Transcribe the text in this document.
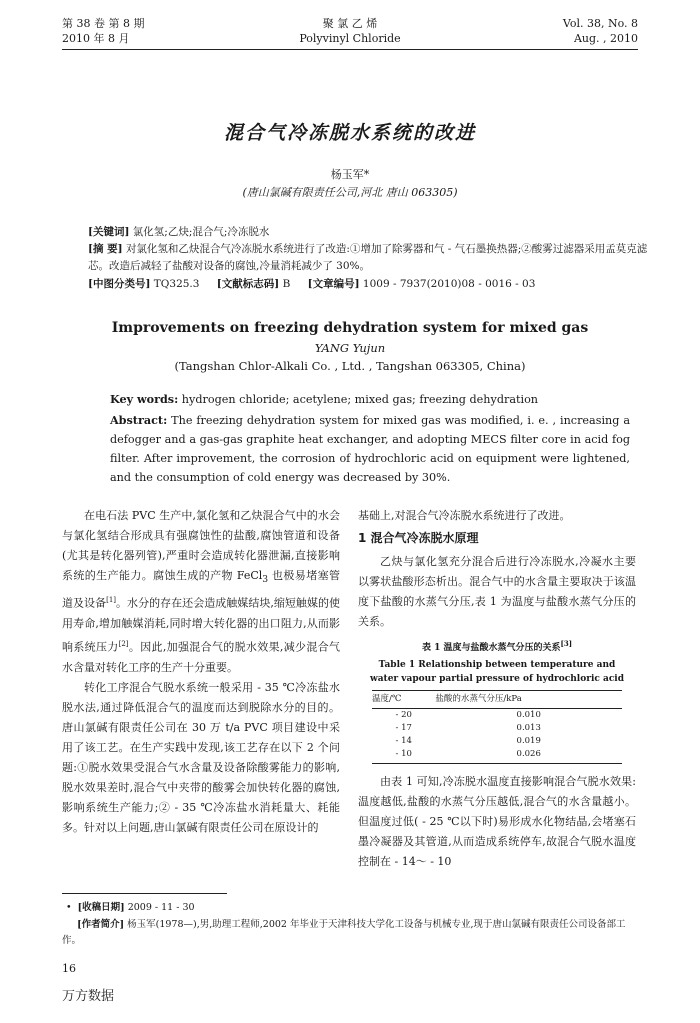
第 38 卷 第 8 期
2010 年 8 月
聚 氯 乙 烯
Polyvinyl Chloride
Vol. 38, No. 8
Aug. , 2010
混合气冷冻脱水系统的改进
杨玉军*
(唐山氯碱有限责任公司,河北 唐山 063305)
[关键词] 氯化氢;乙炔;混合气;冷冻脱水
[摘 要] 对氯化氢和乙炔混合气冷冻脱水系统进行了改造:①增加了除雾器和气 - 气石墨换热器;②酸雾过滤器采用孟莫克滤芯。改造后减轻了盐酸对设备的腐蚀,冷量消耗减少了 30%。
[中图分类号] TQ325.3 [文献标志码] B [文章编号] 1009 - 7937(2010)08 - 0016 - 03
Improvements on freezing dehydration system for mixed gas
YANG Yujun
(Tangshan Chlor-Alkali Co. , Ltd. , Tangshan 063305, China)
Key words: hydrogen chloride; acetylene; mixed gas; freezing dehydration
Abstract: The freezing dehydration system for mixed gas was modified, i. e. , increasing a defogger and a gas-gas graphite heat exchanger, and adopting MECS filter core in acid fog filter. After improvement, the corrosion of hydrochloric acid on equipment were lightened, and the consumption of cold energy was decreased by 30%.

在电石法 PVC 生产中,氯化氢和乙炔混合气中的水会与氯化氢结合形成具有强腐蚀性的盐酸,腐蚀管道和设备(尤其是转化器列管),严重时会造成转化器泄漏,直接影响系统的生产能力。腐蚀生成的产物 FeCl$_3$ 也极易堵塞管道及设备[1]。水分的存在还会造成触媒结块,缩短触媒的使用寿命,增加触媒消耗,同时增大转化器的出口阻力,从而影响系统压力[2]。因此,加强混合气的脱水效果,减少混合气水含量对转化工序的生产十分重要。

转化工序混合气脱水系统一般采用 - 35 ℃冷冻盐水脱水法,通过降低混合气的温度而达到脱除水分的目的。唐山氯碱有限责任公司在 30 万 t/a PVC 项目建设中采用了该工艺。在生产实践中发现,该工艺存在以下 2 个问题:①脱水效果受混合气水含量及设备除酸雾能力的影响,脱水效果差时,混合气中夹带的酸雾会加快转化器的腐蚀,影响系统生产能力;② - 35 ℃冷冻盐水消耗量大、耗能多。针对以上问题,唐山氯碱有限责任公司在原设计的

基础上,对混合气冷冻脱水系统进行了改进。

1 混合气冷冻脱水原理

乙炔与氯化氢充分混合后进行冷冻脱水,冷凝水主要以雾状盐酸形态析出。混合气中的水含量主要取决于该温度下盐酸的水蒸气分压,表 1 为温度与盐酸水蒸气分压的关系。

表 1 温度与盐酸水蒸气分压的关系[3]
Table 1 Relationship between temperature and
water vapour partial pressure of hydrochloric acid
温度/℃	盐酸的水蒸气分压/kPa
- 20	0.010
- 17	0.013
- 14	0.019
- 10	0.026

由表 1 可知,冷冻脱水温度直接影响混合气脱水效果:温度越低,盐酸的水蒸气分压越低,混合气的水含量越小。但温度过低( - 25 ℃以下时)易形成水化物结晶,会堵塞石墨冷凝器及其管道,从而造成系统停车,故混合气脱水温度控制在 - 14～ - 10

• [收稿日期] 2009 - 11 - 30
[作者简介] 杨玉军(1978—),男,助理工程师,2002 年毕业于天津科技大学化工设备与机械专业,现于唐山氯碱有限责任公司设备部工作。
16
万方数据
